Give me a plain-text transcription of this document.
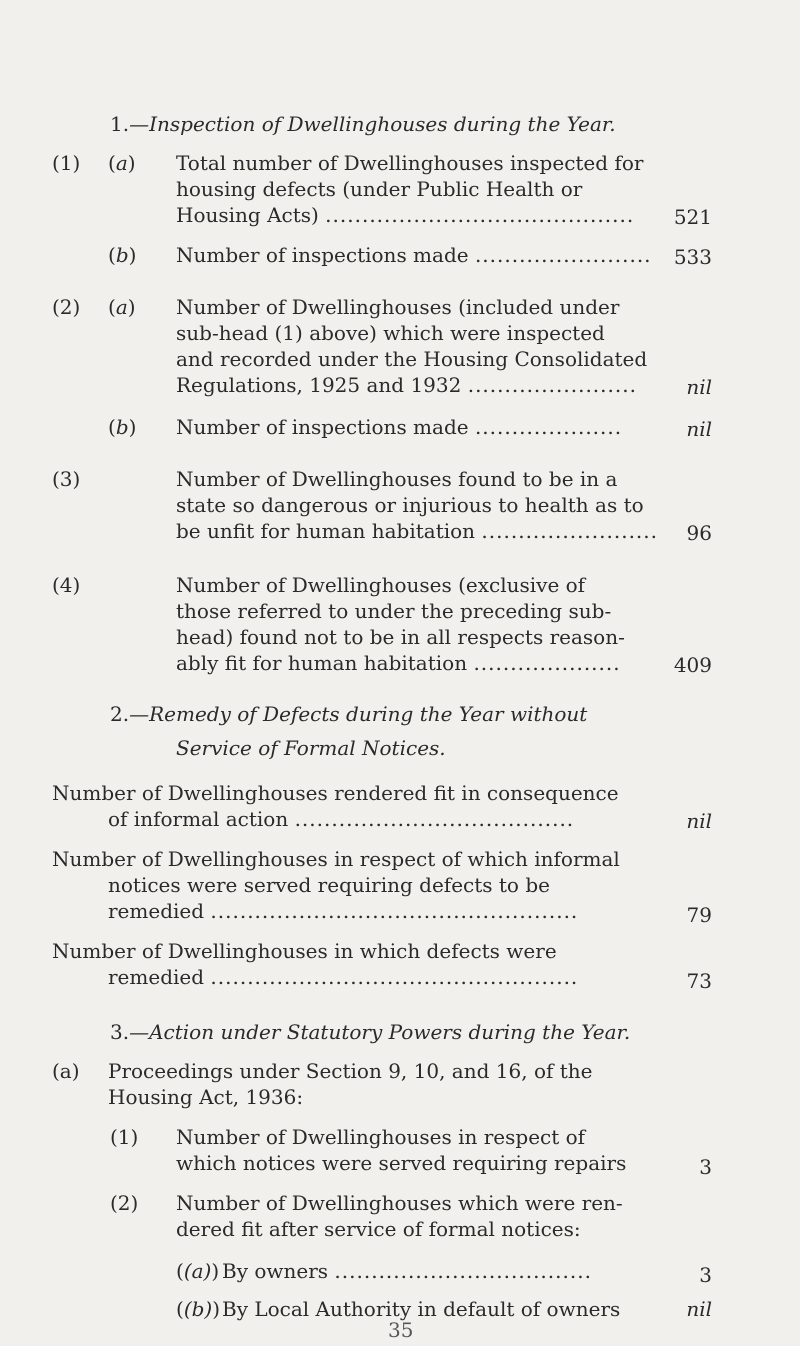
1.—Inspection of Dwellinghouses during the Year.
(1) (a) Total number of Dwellinghouses inspected for
housing defects (under Public Health or
Housing Acts) ..........................................	521
(b) Number of inspections made ........................	533
(2) (a) Number of Dwellinghouses (included under
sub-head (1) above) which were inspected
and recorded under the Housing Consolidated
Regulations, 1925 and 1932 .......................	nil
(b) Number of inspections made ....................	nil
(3)	Number of Dwellinghouses found to be in a
state so dangerous or injurious to health as to
be unfit for human habitation ........................	96
(4)	Number of Dwellinghouses (exclusive of
those referred to under the preceding sub-
head) found not to be in all respects reason-
ably fit for human habitation ....................	409
2.—Remedy of Defects during the Year without
Service of Formal Notices.
Number of Dwellinghouses rendered fit in consequence
of informal action ......................................	nil
Number of Dwellinghouses in respect of which informal
notices were served requiring defects to be
remedied ..................................................	79
Number of Dwellinghouses in which defects were
remedied ..................................................	73
3.—Action under Statutory Powers during the Year.
(a) Proceedings under Section 9, 10, and 16, of the
Housing Act, 1936:
(1) Number of Dwellinghouses in respect of
which notices were served requiring repairs	3
(2) Number of Dwellinghouses which were ren-
dered fit after service of formal notices:
((a)) By owners ...................................	3
((b)) By Local Authority in default of owners	nil
35
